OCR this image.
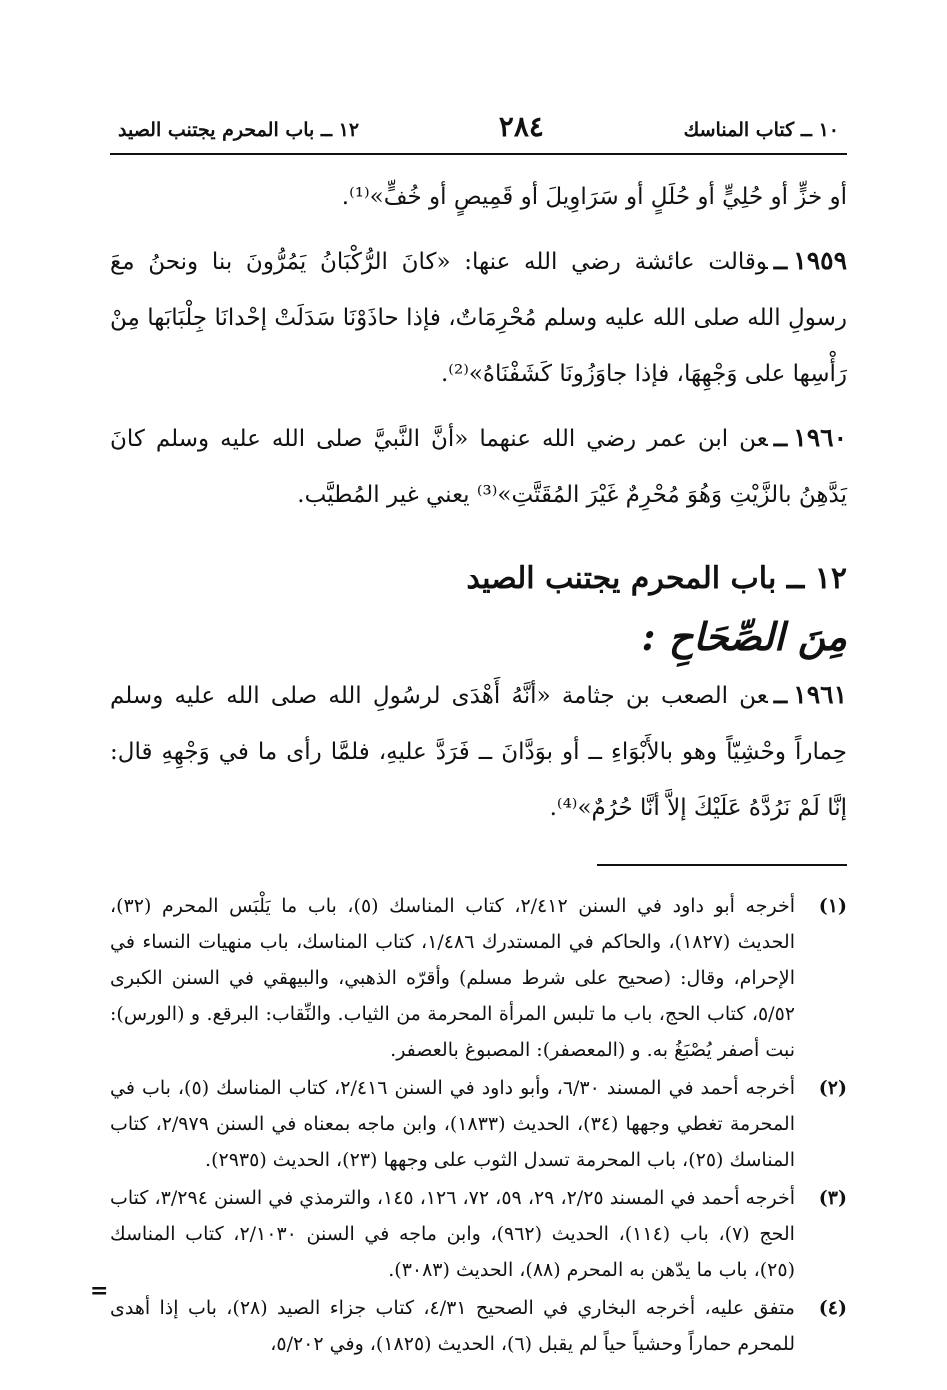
١٠ ــ كتاب المناسك
٢٨٤
١٢ ــ باب المحرم يجتنب الصيد

أو خزٍّ أو حُلِيٍّ أو حُلَلٍ أو سَرَاوِيلَ أو قَمِيصٍ أو خُفٍّ»⁽¹⁾.

١٩٥٩ــوقالت عائشة رضي الله عنها: «كانَ الرُّكْبَانُ يَمُرُّونَ بنا ونحنُ معَ رسولِ الله صلى الله عليه وسلم مُحْرِمَاتٌ، فإذا حاذَوْنَا سَدَلَتْ إحْدانَا جِلْبَابَها مِنْ رَأْسِها على وَجْهِهَا، فإذا جاوَزُونَا كَشَفْنَاهُ»⁽²⁾.

١٩٦٠ــعن ابن عمر رضي الله عنهما «أنَّ النَّبيَّ صلى الله عليه وسلم كانَ يَدَّهِنُ بالزَّيْتِ وَهُوَ مُحْرِمٌ غَيْرَ المُقَتَّتِ»⁽³⁾ يعني غير المُطيَّب.

١٢ ــ باب المحرم يجتنب الصيد
مِنَ الصِّحَاحِ :

١٩٦١ــعن الصعب بن جثامة «أنَّهُ أَهْدَى لرسُولِ الله صلى الله عليه وسلم حِماراً وحْشِيّاً وهو بالأَبْوَاءِ ــ أو بوَدَّانَ ــ فَرَدَّ عليهِ، فلمَّا رأى ما في وَجْهِهِ قال: إنَّا لَمْ نَرُدَّهُ عَلَيْكَ إلاَّ أنَّا حُرُمٌ»⁽⁴⁾.

(١)
أخرجه أبو داود في السنن ٢/٤١٢، كتاب المناسك (٥)، باب ما يَلْبَس المحرم (٣٢)، الحديث (١٨٢٧)، والحاكم في المستدرك ١/٤٨٦، كتاب المناسك، باب منهيات النساء في الإحرام، وقال: (صحيح على شرط مسلم) وأقرّه الذهبي، والبيهقي في السنن الكبرى ٥/٥٢، كتاب الحج، باب ما تلبس المرأة المحرمة من الثياب. والنِّقاب: البرقع. و (الورس): نبت أصفر يُصْبَغُ به. و (المعصفر): المصبوغ بالعصفر.
(٢)
أخرجه أحمد في المسند ٦/٣٠، وأبو داود في السنن ٢/٤١٦، كتاب المناسك (٥)، باب في المحرمة تغطي وجهها (٣٤)، الحديث (١٨٣٣)، وابن ماجه بمعناه في السنن ٢/٩٧٩، كتاب المناسك (٢٥)، باب المحرمة تسدل الثوب على وجهها (٢٣)، الحديث (٢٩٣٥).
(٣)
أخرجه أحمد في المسند ٢/٢٥، ٢٩، ٥٩، ٧٢، ١٢٦، ١٤٥، والترمذي في السنن ٣/٢٩٤، كتاب الحج (٧)، باب (١١٤)، الحديث (٩٦٢)، وابن ماجه في السنن ٢/١٠٣٠، كتاب المناسك (٢٥)، باب ما يدّهن به المحرم (٨٨)، الحديث (٣٠٨٣).
(٤)
متفق عليه، أخرجه البخاري في الصحيح ٤/٣١، كتاب جزاء الصيد (٢٨)، باب إذا أهدى للمحرم حماراً وحشياً حياً لم يقبل (٦)، الحديث (١٨٢٥)، وفي ٥/٢٠٢،
=
